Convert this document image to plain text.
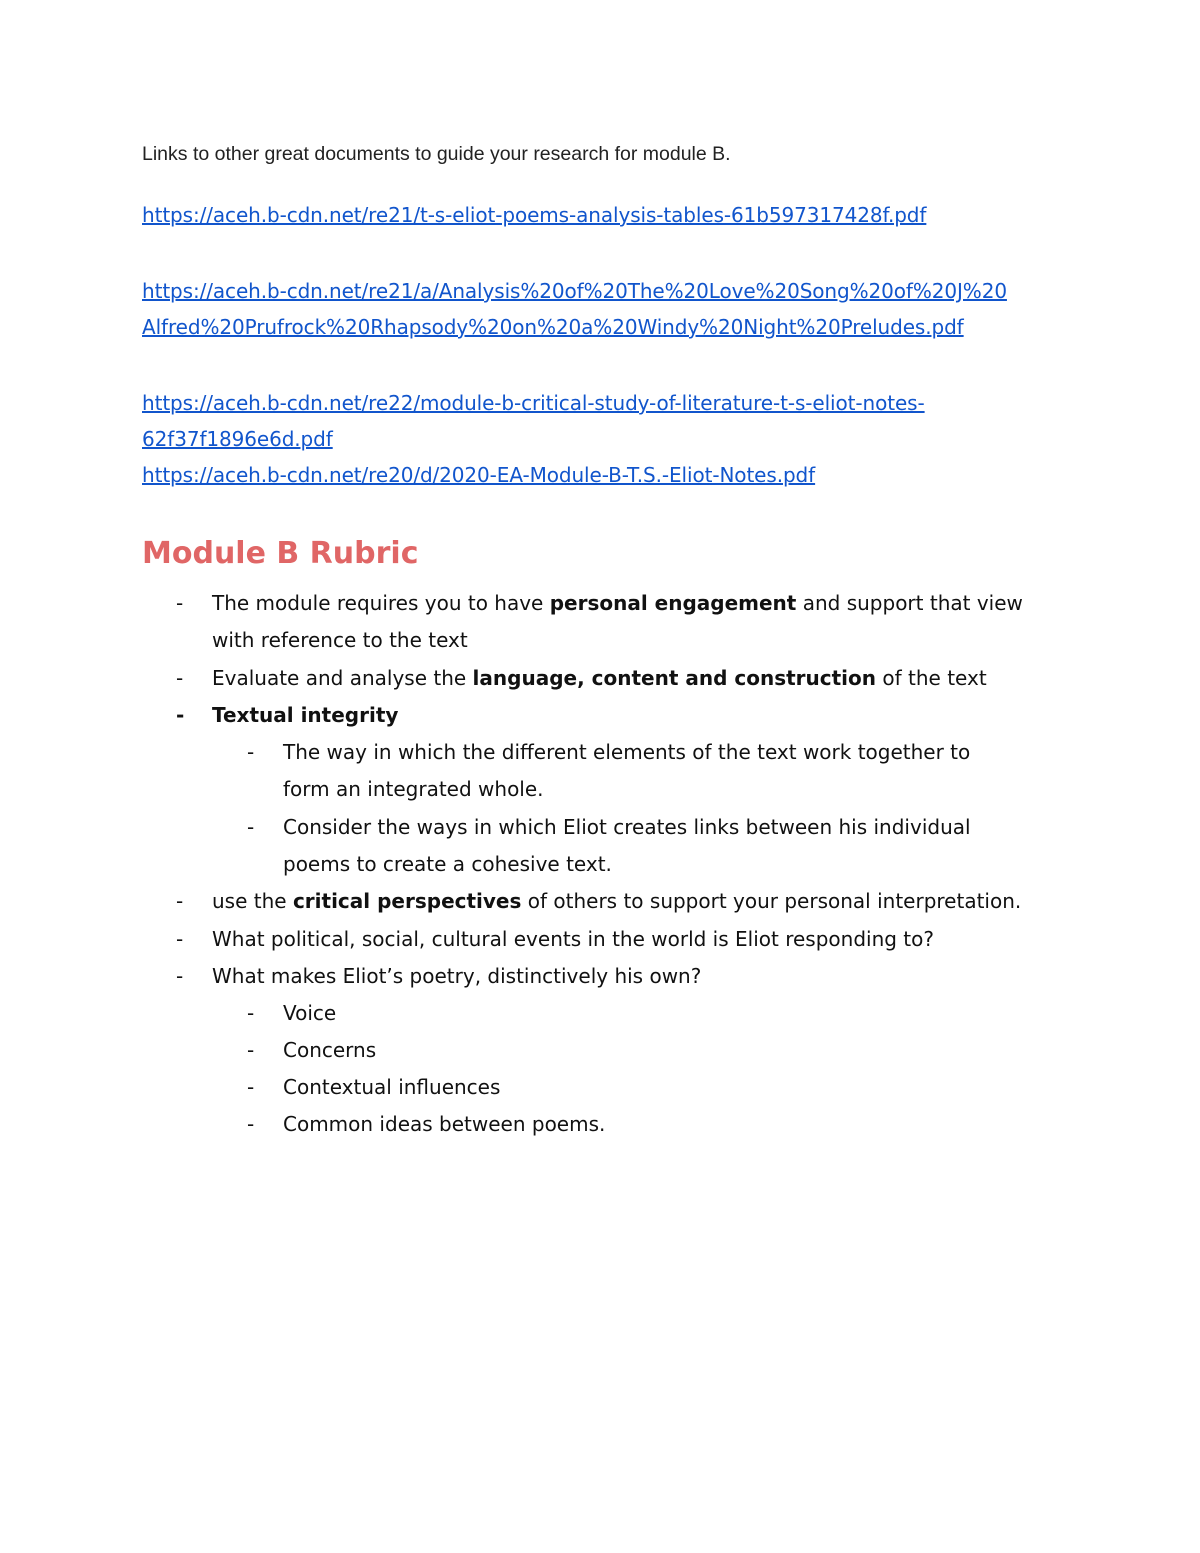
Links to other great documents to guide your research for module B.
https://aceh.b-cdn.net/re21/t-s-eliot-poems-analysis-tables-61b597317428f.pdf
https://aceh.b-cdn.net/re21/a/Analysis%20of%20The%20Love%20Song%20of%20J%20
Alfred%20Prufrock%20Rhapsody%20on%20a%20Windy%20Night%20Preludes.pdf
https://aceh.b-cdn.net/re22/module-b-critical-study-of-literature-t-s-eliot-notes-
62f37f1896e6d.pdf
https://aceh.b-cdn.net/re20/d/2020-EA-Module-B-T.S.-Eliot-Notes.pdf
Module B Rubric
- The module requires you to have personal engagement and support that view
with reference to the text
- Evaluate and analyse the language, content and construction of the text
- Textual integrity
- The way in which the different elements of the text work together to
form an integrated whole.
- Consider the ways in which Eliot creates links between his individual
poems to create a cohesive text.
- use the critical perspectives of others to support your personal interpretation.
- What political, social, cultural events in the world is Eliot responding to?
- What makes Eliot’s poetry, distinctively his own?
- Voice
- Concerns
- Contextual influences
- Common ideas between poems.
